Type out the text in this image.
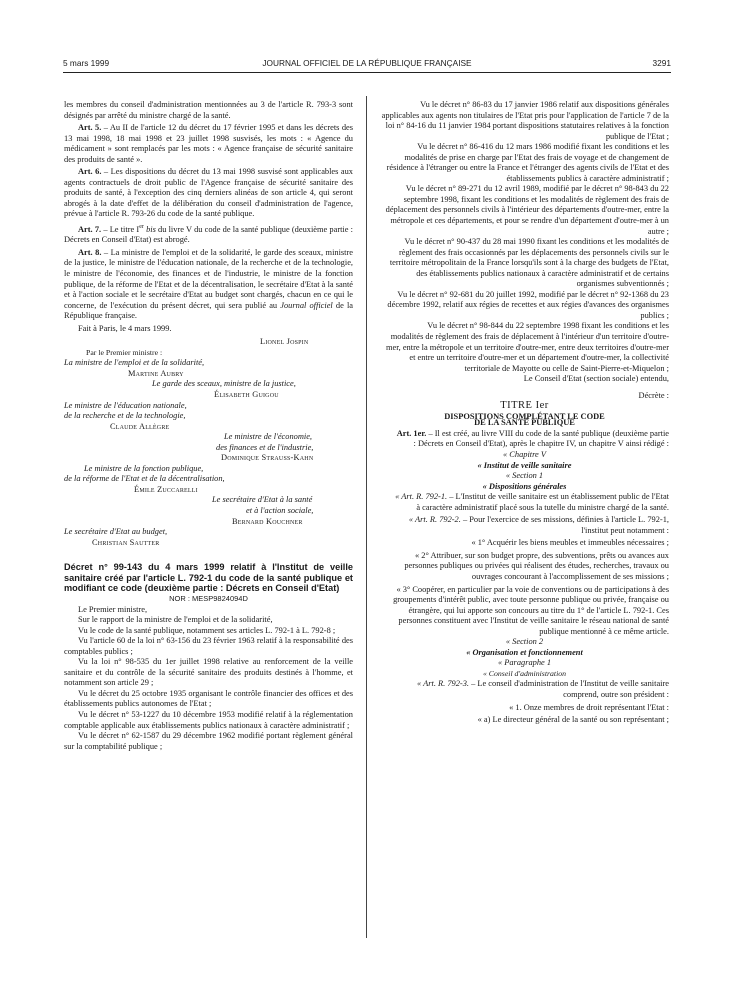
5 mars 1999	JOURNAL OFFICIEL DE LA RÉPUBLIQUE FRANÇAISE	3291

les membres du conseil d'administration mentionnées au 3 de l'article R. 793-3 sont désignés par arrêté du ministre chargé de la santé.

Art. 5. – Au II de l'article 12 du décret du 17 février 1995 et dans les décrets des 13 mai 1998, 18 mai 1998 et 23 juillet 1998 susvisés, les mots : « Agence du médicament » sont remplacés par les mots : « Agence française de sécurité sanitaire des produits de santé ».

Art. 6. – Les dispositions du décret du 13 mai 1998 susvisé sont applicables aux agents contractuels de droit public de l'Agence française de sécurité sanitaire des produits de santé, à l'exception des cinq derniers alinéas de son article 4, qui seront abrogés à la date d'effet de la délibération du conseil d'administration de l'agence, prévue à l'article R. 793-26 du code de la santé publique.

Art. 7. – Le titre Ier bis du livre V du code de la santé publique (deuxième partie : Décrets en Conseil d'Etat) est abrogé.

Art. 8. – La ministre de l'emploi et de la solidarité, le garde des sceaux, ministre de la justice, le ministre de l'éducation nationale, de la recherche et de la technologie, le ministre de l'économie, des finances et de l'industrie, le ministre de la fonction publique, de la réforme de l'Etat et de la décentralisation, le secrétaire d'Etat à la santé et à l'action sociale et le secrétaire d'Etat au budget sont chargés, chacun en ce qui le concerne, de l'exécution du présent décret, qui sera publié au Journal officiel de la République française.

Fait à Paris, le 4 mars 1999.

Lionel Jospin

Par le Premier ministre :

La ministre de l'emploi et de la solidarité,

Martine Aubry

Le garde des sceaux, ministre de la justice,

Élisabeth Guigou

Le ministre de l'éducation nationale,

de la recherche et de la technologie,

Claude Allègre

Le ministre de l'économie,

des finances et de l'industrie,

Dominique Strauss-Kahn

Le ministre de la fonction publique,

de la réforme de l'Etat et de la décentralisation,

Émile Zuccarelli

Le secrétaire d'Etat à la santé

et à l'action sociale,

Bernard Kouchner

Le secrétaire d'Etat au budget,

Christian Sautter

Décret n° 99-143 du 4 mars 1999 relatif à l'Institut de veille sanitaire créé par l'article L. 792-1 du code de la santé publique et modifiant ce code (deuxième partie : Décrets en Conseil d'Etat)

NOR : MESP9824094D

Le Premier ministre,

Sur le rapport de la ministre de l'emploi et de la solidarité,

Vu le code de la santé publique, notamment ses articles L. 792-1 à L. 792-8 ;

Vu l'article 60 de la loi n° 63-156 du 23 février 1963 relatif à la responsabilité des comptables publics ;

Vu la loi n° 98-535 du 1er juillet 1998 relative au renforcement de la veille sanitaire et du contrôle de la sécurité sanitaire des produits destinés à l'homme, et notamment son article 29 ;

Vu le décret du 25 octobre 1935 organisant le contrôle financier des offices et des établissements publics autonomes de l'Etat ;

Vu le décret n° 53-1227 du 10 décembre 1953 modifié relatif à la réglementation comptable applicable aux établissements publics nationaux à caractère administratif ;

Vu le décret n° 62-1587 du 29 décembre 1962 modifié portant règlement général sur la comptabilité publique ;

Vu le décret n° 86-83 du 17 janvier 1986 relatif aux dispositions générales applicables aux agents non titulaires de l'Etat pris pour l'application de l'article 7 de la loi n° 84-16 du 11 janvier 1984 portant dispositions statutaires relatives à la fonction publique de l'Etat ;

Vu le décret n° 86-416 du 12 mars 1986 modifié fixant les conditions et les modalités de prise en charge par l'Etat des frais de voyage et de changement de résidence à l'étranger ou entre la France et l'étranger des agents civils de l'Etat et des établissements publics à caractère administratif ;

Vu le décret n° 89-271 du 12 avril 1989, modifié par le décret n° 98-843 du 22 septembre 1998, fixant les conditions et les modalités de règlement des frais de déplacement des personnels civils à l'intérieur des départements d'outre-mer, entre la métropole et ces départements, et pour se rendre d'un département d'outre-mer à un autre ;

Vu le décret n° 90-437 du 28 mai 1990 fixant les conditions et les modalités de règlement des frais occasionnés par les déplacements des personnels civils sur le territoire métropolitain de la France lorsqu'ils sont à la charge des budgets de l'Etat, des établissements publics nationaux à caractère administratif et de certains organismes subventionnés ;

Vu le décret n° 92-681 du 20 juillet 1992, modifié par le décret n° 92-1368 du 23 décembre 1992, relatif aux régies de recettes et aux régies d'avances des organismes publics ;

Vu le décret n° 98-844 du 22 septembre 1998 fixant les conditions et les modalités de règlement des frais de déplacement à l'intérieur d'un territoire d'outre-mer, entre la métropole et un territoire d'outre-mer, entre deux territoires d'outre-mer et entre un territoire d'outre-mer et un département d'outre-mer, la collectivité territoriale de Mayotte ou celle de Saint-Pierre-et-Miquelon ;

Le Conseil d'Etat (section sociale) entendu,

Décrète :

TITRE Ier

DISPOSITIONS COMPLÉTANT LE CODE

DE LA SANTÉ PUBLIQUE

Art. 1er. – Il est créé, au livre VIII du code de la santé publique (deuxième partie : Décrets en Conseil d'Etat), après le chapitre IV, un chapitre V ainsi rédigé :

« Chapitre V

« Institut de veille sanitaire

« Section 1

« Dispositions générales

« Art. R. 792-1. – L'Institut de veille sanitaire est un établissement public de l'Etat à caractère administratif placé sous la tutelle du ministre chargé de la santé.

« Art. R. 792-2. – Pour l'exercice de ses missions, définies à l'article L. 792-1, l'institut peut notamment :

« 1° Acquérir les biens meubles et immeubles nécessaires ;

« 2° Attribuer, sur son budget propre, des subventions, prêts ou avances aux personnes publiques ou privées qui réalisent des études, recherches, travaux ou ouvrages concourant à l'accomplissement de ses missions ;

« 3° Coopérer, en particulier par la voie de conventions ou de participations à des groupements d'intérêt public, avec toute personne publique ou privée, française ou étrangère, qui lui apporte son concours au titre du 1° de l'article L. 792-1. Ces personnes constituent avec l'Institut de veille sanitaire le réseau national de santé publique mentionné à ce même article.

« Section 2

« Organisation et fonctionnement

« Paragraphe 1

« Conseil d'administration

« Art. R. 792-3. – Le conseil d'administration de l'Institut de veille sanitaire comprend, outre son président :

« 1. Onze membres de droit représentant l'Etat :

« a) Le directeur général de la santé ou son représentant ;
